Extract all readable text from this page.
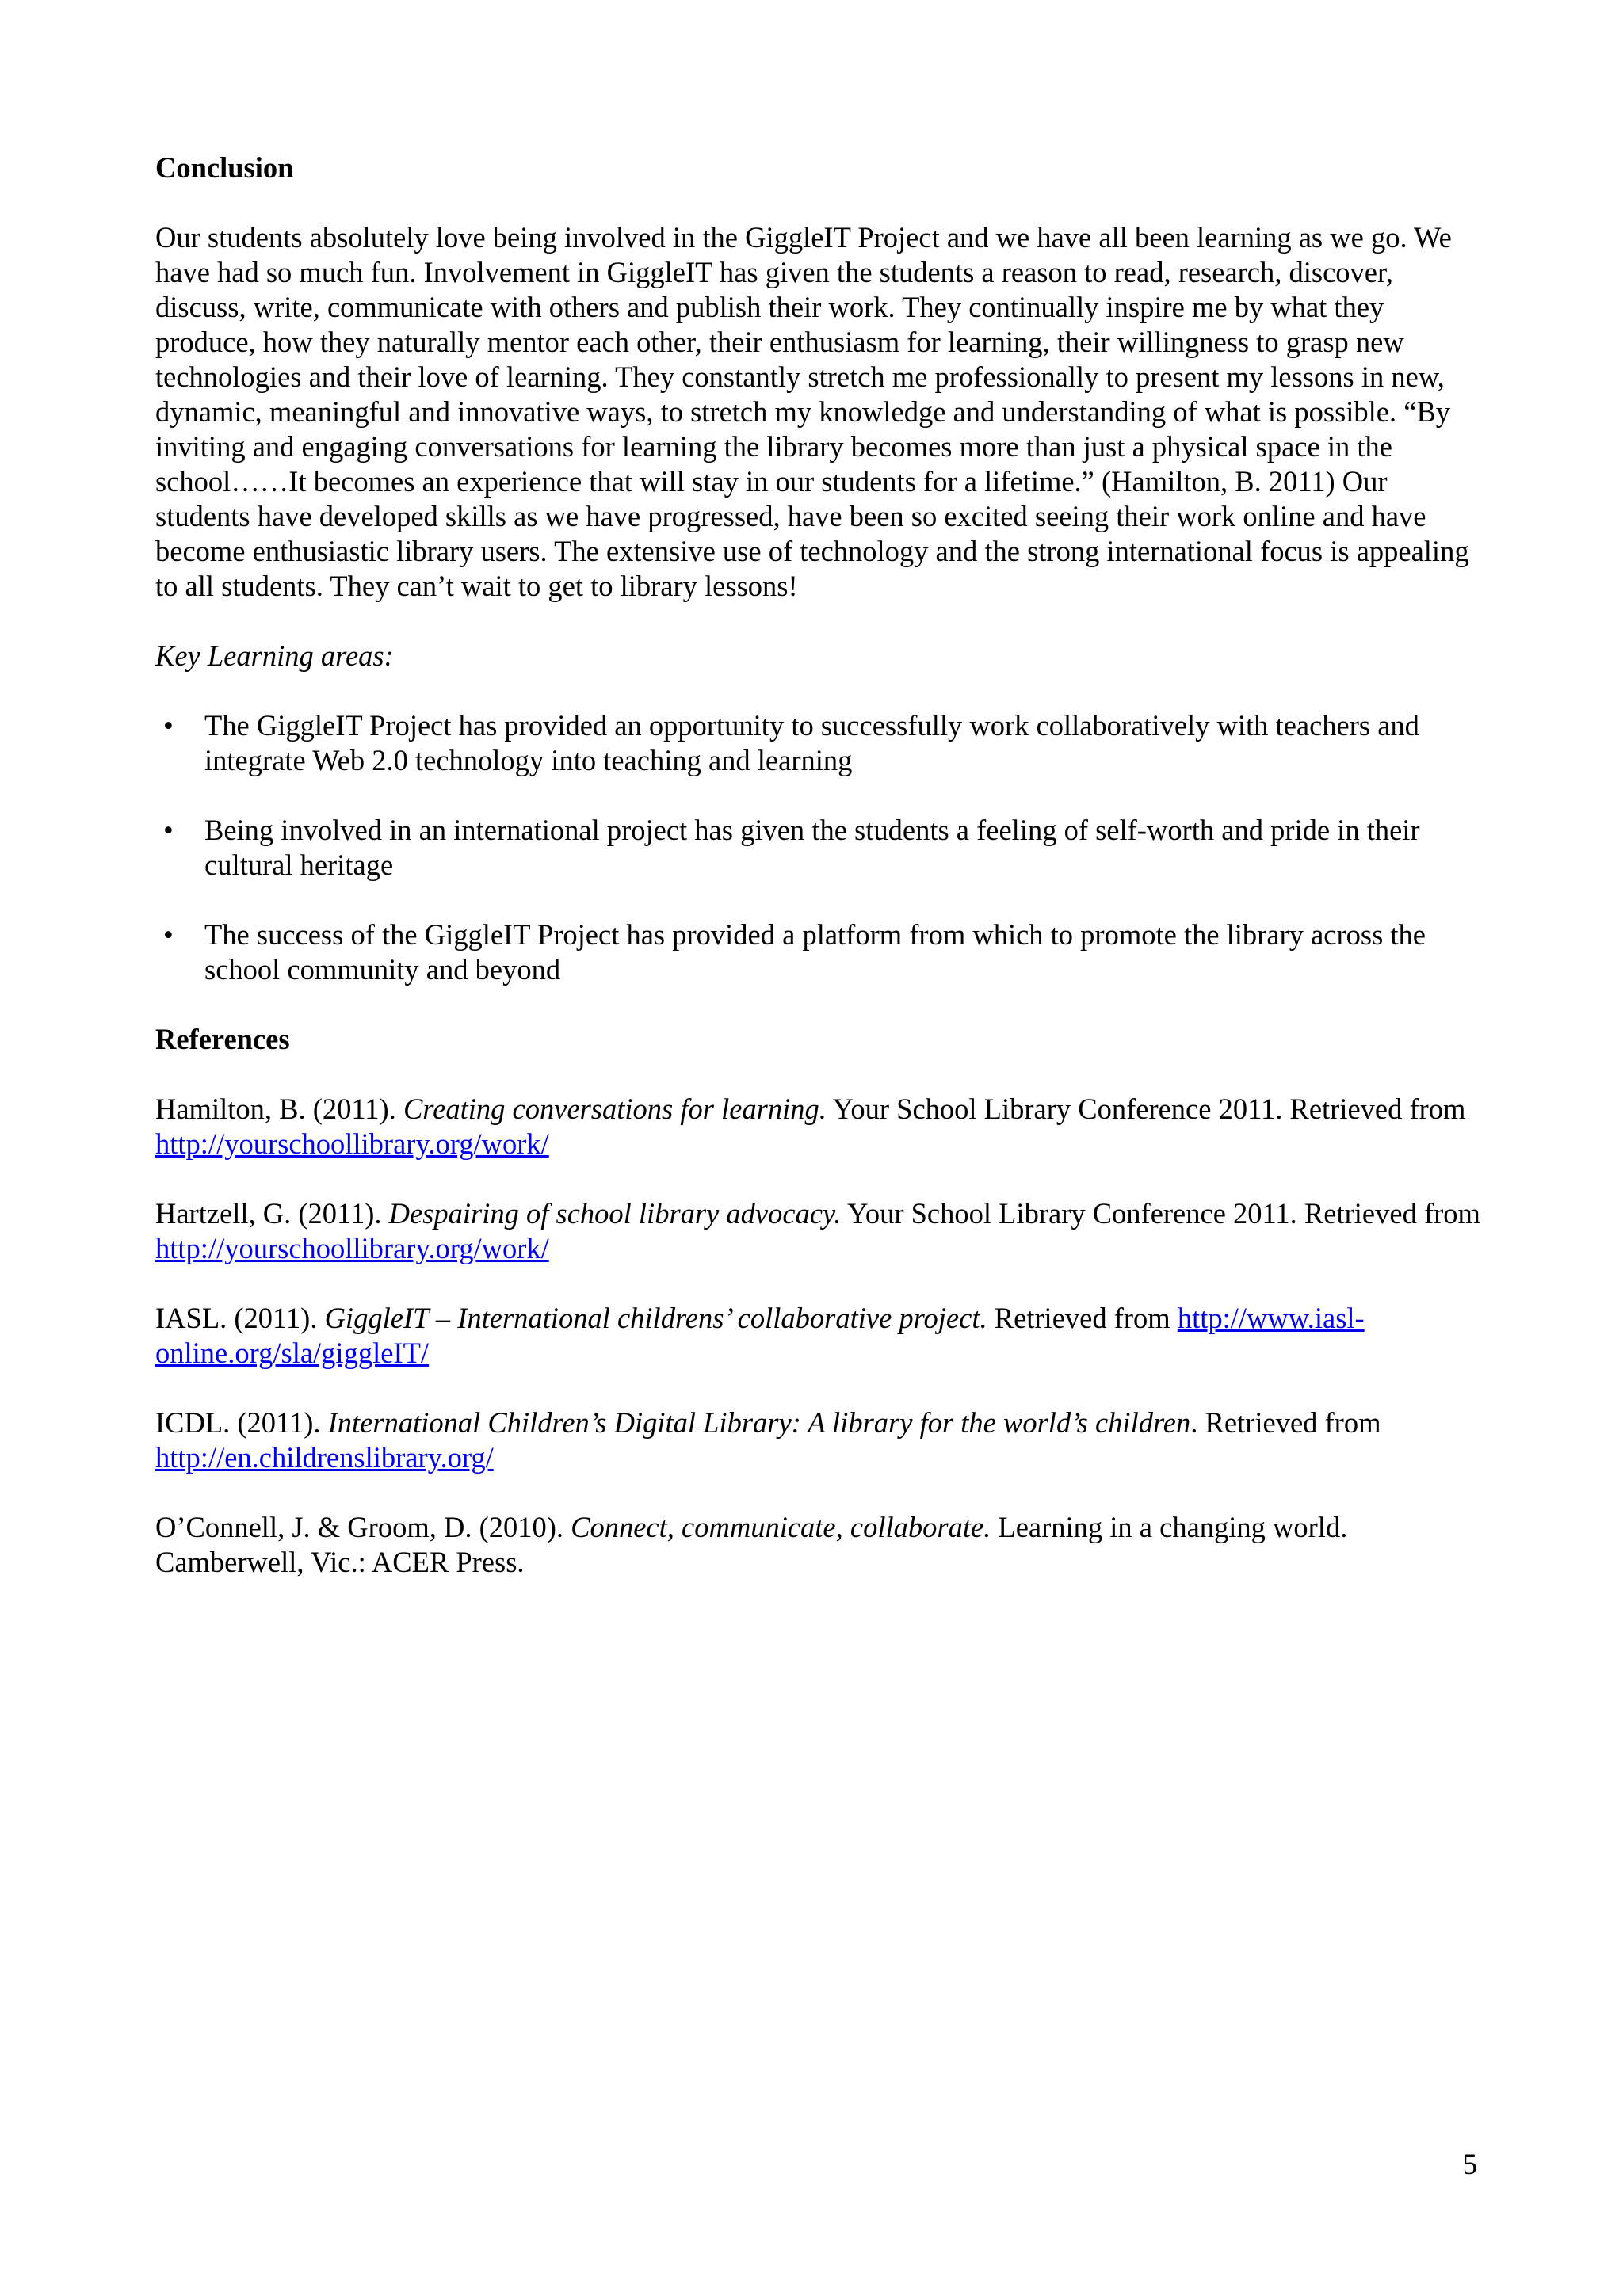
Conclusion
Our students absolutely love being involved in the GiggleIT Project and we have all been learning as we go. We have had so much fun. Involvement in GiggleIT has given the students a reason to read, research, discover, discuss, write, communicate with others and publish their work. They continually inspire me by what they produce, how they naturally mentor each other, their enthusiasm for learning, their willingness to grasp new technologies and their love of learning. They constantly stretch me professionally to present my lessons in new, dynamic, meaningful and innovative ways, to stretch my knowledge and understanding of what is possible. “By inviting and engaging conversations for learning the library becomes more than just a physical space in the school……It becomes an experience that will stay in our students for a lifetime.” (Hamilton, B. 2011) Our students have developed skills as we have progressed, have been so excited seeing their work online and have become enthusiastic library users. The extensive use of technology and the strong international focus is appealing to all students. They can’t wait to get to library lessons!
Key Learning areas:
• The GiggleIT Project has provided an opportunity to successfully work collaboratively with teachers and integrate Web 2.0 technology into teaching and learning
• Being involved in an international project has given the students a feeling of self-worth and pride in their cultural heritage
• The success of the GiggleIT Project has provided a platform from which to promote the library across the school community and beyond
References
Hamilton, B. (2011). Creating conversations for learning. Your School Library Conference 2011. Retrieved from http://yourschoollibrary.org/work/
Hartzell, G. (2011). Despairing of school library advocacy. Your School Library Conference 2011. Retrieved from http://yourschoollibrary.org/work/
IASL. (2011). GiggleIT – International childrens’ collaborative project. Retrieved from http://www.iasl-online.org/sla/giggleIT/
ICDL. (2011). International Children’s Digital Library: A library for the world’s children. Retrieved from http://en.childrenslibrary.org/
O’Connell, J. & Groom, D. (2010). Connect, communicate, collaborate. Learning in a changing world. Camberwell, Vic.: ACER Press.
5
